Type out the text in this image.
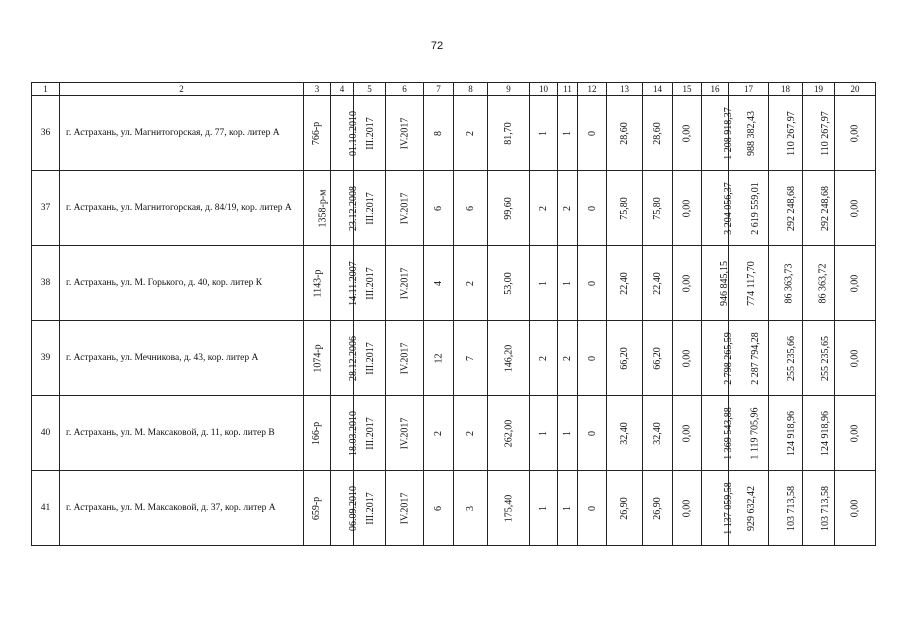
72
1	2	3	4	5	6	7	8	9	10	11	12	13	14	15	16	17	18	19	20
36	г. Астрахань, ул. Магнитогорская, д. 77, кор. литер А	766-р	01.10.2010	III.2017	IV.2017	8	2	81,70	1	1	0	28,60	28,60	0,00	1 208 918,37	988 382,43	110 267,97	110 267,97	0,00
37	г. Астрахань, ул. Магнитогорская, д. 84/19, кор. литер А	1358-р-м	23.12.2008	III.2017	IV.2017	6	6	99,60	2	2	0	75,80	75,80	0,00	3 204 056,37	2 619 559,01	292 248,68	292 248,68	0,00
38	г. Астрахань, ул. М. Горького, д. 40, кор. литер К	1143-р	14.11.2007	III.2017	IV.2017	4	2	53,00	1	1	0	22,40	22,40	0,00	946 845,15	774 117,70	86 363,73	86 363,72	0,00
39	г. Астрахань, ул. Мечникова, д. 43, кор. литер А	1074-р	28.12.2006	III.2017	IV.2017	12	7	146,20	2	2	0	66,20	66,20	0,00	2 798 265,59	2 287 794,28	255 235,66	255 235,65	0,00
40	г. Астрахань, ул. М. Максаковой, д. 11, кор. литер В	166-р	18.03.2010	III.2017	IV.2017	2	2	262,00	1	1	0	32,40	32,40	0,00	1 369 543,88	1 119 705,96	124 918,96	124 918,96	0,00
41	г. Астрахань, ул. М. Максаковой, д. 37, кор. литер А	659-р	06.09.2010	III.2017	IV.2017	6	3	175,40	1	1	0	26,90	26,90	0,00	1 137 059,58	929 632,42	103 713,58	103 713,58	0,00
